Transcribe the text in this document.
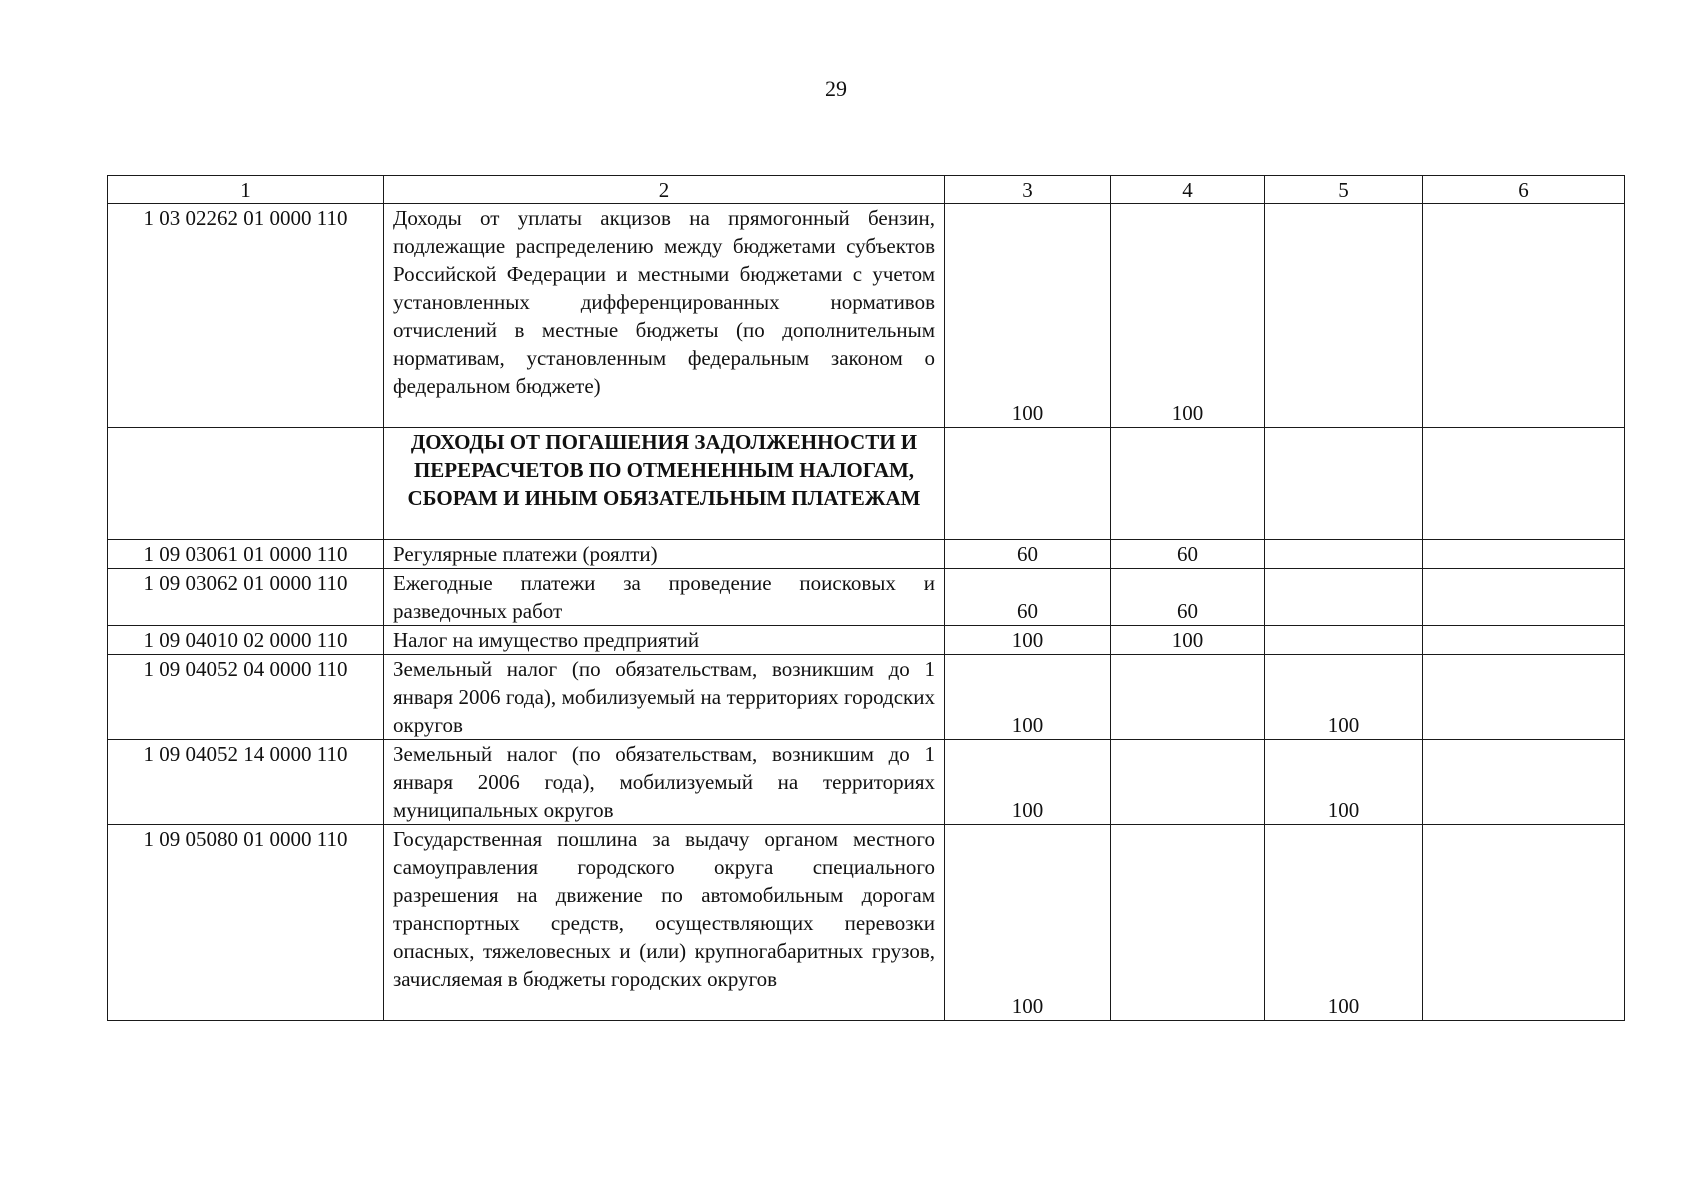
29
1	2	3	4	5	6
1 03 02262 01 0000 110	Доходы от уплаты акцизов на прямогонный бензин, подлежащие распределению между бюджетами субъектов Российской Федерации и местными бюджетами с учетом установленных дифференцированных нормативов отчислений в местные бюджеты (по дополнительным нормативам, установленным федеральным законом о федеральном бюджете)	100	100		
	ДОХОДЫ ОТ ПОГАШЕНИЯ ЗАДОЛЖЕННОСТИ И ПЕРЕРАСЧЕТОВ ПО ОТМЕНЕННЫМ НАЛОГАМ, СБОРАМ И ИНЫМ ОБЯЗАТЕЛЬНЫМ ПЛАТЕЖАМ				
1 09 03061 01 0000 110	Регулярные платежи (роялти)	60	60		
1 09 03062 01 0000 110	Ежегодные платежи за проведение поисковых и разведочных работ	60	60		
1 09 04010 02 0000 110	Налог на имущество предприятий	100	100		
1 09 04052 04 0000 110	Земельный налог (по обязательствам, возникшим до 1 января 2006 года), мобилизуемый на территориях городских округов	100		100	
1 09 04052 14 0000 110	Земельный налог (по обязательствам, возникшим до 1 января 2006 года), мобилизуемый на территориях муниципальных округов	100		100	
1 09 05080 01 0000 110	Государственная пошлина за выдачу органом местного самоуправления городского округа специального разрешения на движение по автомобильным дорогам транспортных средств, осуществляющих перевозки опасных, тяжеловесных и (или) крупногабаритных грузов, зачисляемая в бюджеты городских округов	100		100	
